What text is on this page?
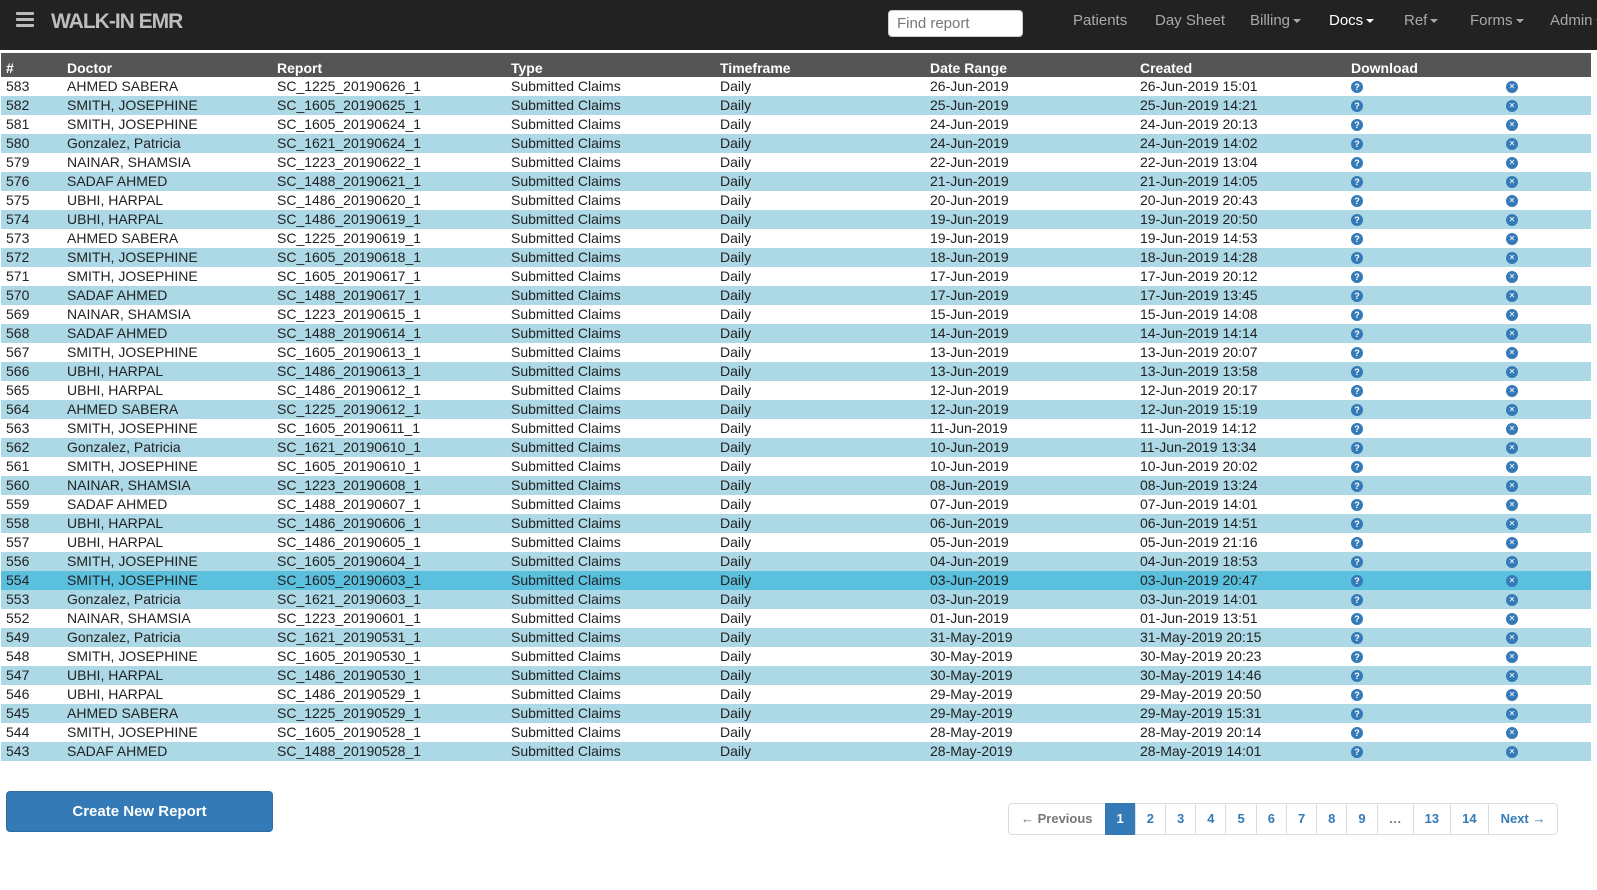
WALK-IN EMR
Find report	Patients Day Sheet Billing	Docs	Ref	Forms	Admin
#	Doctor	Report	Type	Timeframe	Date Range	Created	Download	
583	AHMED SABERA	SC_1225_20190626_1	Submitted Claims	Daily	26-Jun-2019	26-Jun-2019 15:01	?	✕
582	SMITH, JOSEPHINE	SC_1605_20190625_1	Submitted Claims	Daily	25-Jun-2019	25-Jun-2019 14:21	?	✕
581	SMITH, JOSEPHINE	SC_1605_20190624_1	Submitted Claims	Daily	24-Jun-2019	24-Jun-2019 20:13	?	✕
580	Gonzalez, Patricia	SC_1621_20190624_1	Submitted Claims	Daily	24-Jun-2019	24-Jun-2019 14:02	?	✕
579	NAINAR, SHAMSIA	SC_1223_20190622_1	Submitted Claims	Daily	22-Jun-2019	22-Jun-2019 13:04	?	✕
576	SADAF AHMED	SC_1488_20190621_1	Submitted Claims	Daily	21-Jun-2019	21-Jun-2019 14:05	?	✕
575	UBHI, HARPAL	SC_1486_20190620_1	Submitted Claims	Daily	20-Jun-2019	20-Jun-2019 20:43	?	✕
574	UBHI, HARPAL	SC_1486_20190619_1	Submitted Claims	Daily	19-Jun-2019	19-Jun-2019 20:50	?	✕
573	AHMED SABERA	SC_1225_20190619_1	Submitted Claims	Daily	19-Jun-2019	19-Jun-2019 14:53	?	✕
572	SMITH, JOSEPHINE	SC_1605_20190618_1	Submitted Claims	Daily	18-Jun-2019	18-Jun-2019 14:28	?	✕
571	SMITH, JOSEPHINE	SC_1605_20190617_1	Submitted Claims	Daily	17-Jun-2019	17-Jun-2019 20:12	?	✕
570	SADAF AHMED	SC_1488_20190617_1	Submitted Claims	Daily	17-Jun-2019	17-Jun-2019 13:45	?	✕
569	NAINAR, SHAMSIA	SC_1223_20190615_1	Submitted Claims	Daily	15-Jun-2019	15-Jun-2019 14:08	?	✕
568	SADAF AHMED	SC_1488_20190614_1	Submitted Claims	Daily	14-Jun-2019	14-Jun-2019 14:14	?	✕
567	SMITH, JOSEPHINE	SC_1605_20190613_1	Submitted Claims	Daily	13-Jun-2019	13-Jun-2019 20:07	?	✕
566	UBHI, HARPAL	SC_1486_20190613_1	Submitted Claims	Daily	13-Jun-2019	13-Jun-2019 13:58	?	✕
565	UBHI, HARPAL	SC_1486_20190612_1	Submitted Claims	Daily	12-Jun-2019	12-Jun-2019 20:17	?	✕
564	AHMED SABERA	SC_1225_20190612_1	Submitted Claims	Daily	12-Jun-2019	12-Jun-2019 15:19	?	✕
563	SMITH, JOSEPHINE	SC_1605_20190611_1	Submitted Claims	Daily	11-Jun-2019	11-Jun-2019 14:12	?	✕
562	Gonzalez, Patricia	SC_1621_20190610_1	Submitted Claims	Daily	10-Jun-2019	11-Jun-2019 13:34	?	✕
561	SMITH, JOSEPHINE	SC_1605_20190610_1	Submitted Claims	Daily	10-Jun-2019	10-Jun-2019 20:02	?	✕
560	NAINAR, SHAMSIA	SC_1223_20190608_1	Submitted Claims	Daily	08-Jun-2019	08-Jun-2019 13:24	?	✕
559	SADAF AHMED	SC_1488_20190607_1	Submitted Claims	Daily	07-Jun-2019	07-Jun-2019 14:01	?	✕
558	UBHI, HARPAL	SC_1486_20190606_1	Submitted Claims	Daily	06-Jun-2019	06-Jun-2019 14:51	?	✕
557	UBHI, HARPAL	SC_1486_20190605_1	Submitted Claims	Daily	05-Jun-2019	05-Jun-2019 21:16	?	✕
556	SMITH, JOSEPHINE	SC_1605_20190604_1	Submitted Claims	Daily	04-Jun-2019	04-Jun-2019 18:53	?	✕
554	SMITH, JOSEPHINE	SC_1605_20190603_1	Submitted Claims	Daily	03-Jun-2019	03-Jun-2019 20:47	?	✕
553	Gonzalez, Patricia	SC_1621_20190603_1	Submitted Claims	Daily	03-Jun-2019	03-Jun-2019 14:01	?	✕
552	NAINAR, SHAMSIA	SC_1223_20190601_1	Submitted Claims	Daily	01-Jun-2019	01-Jun-2019 13:51	?	✕
549	Gonzalez, Patricia	SC_1621_20190531_1	Submitted Claims	Daily	31-May-2019	31-May-2019 20:15	?	✕
548	SMITH, JOSEPHINE	SC_1605_20190530_1	Submitted Claims	Daily	30-May-2019	30-May-2019 20:23	?	✕
547	UBHI, HARPAL	SC_1486_20190530_1	Submitted Claims	Daily	30-May-2019	30-May-2019 14:46	?	✕
546	UBHI, HARPAL	SC_1486_20190529_1	Submitted Claims	Daily	29-May-2019	29-May-2019 20:50	?	✕
545	AHMED SABERA	SC_1225_20190529_1	Submitted Claims	Daily	29-May-2019	29-May-2019 15:31	?	✕
544	SMITH, JOSEPHINE	SC_1605_20190528_1	Submitted Claims	Daily	28-May-2019	28-May-2019 20:14	?	✕
543	SADAF AHMED	SC_1488_20190528_1	Submitted Claims	Daily	28-May-2019	28-May-2019 14:01	?	✕
Create New Report	← Previous	1	2	3	4	5	6	7	8	9	…	13	14	Next →
